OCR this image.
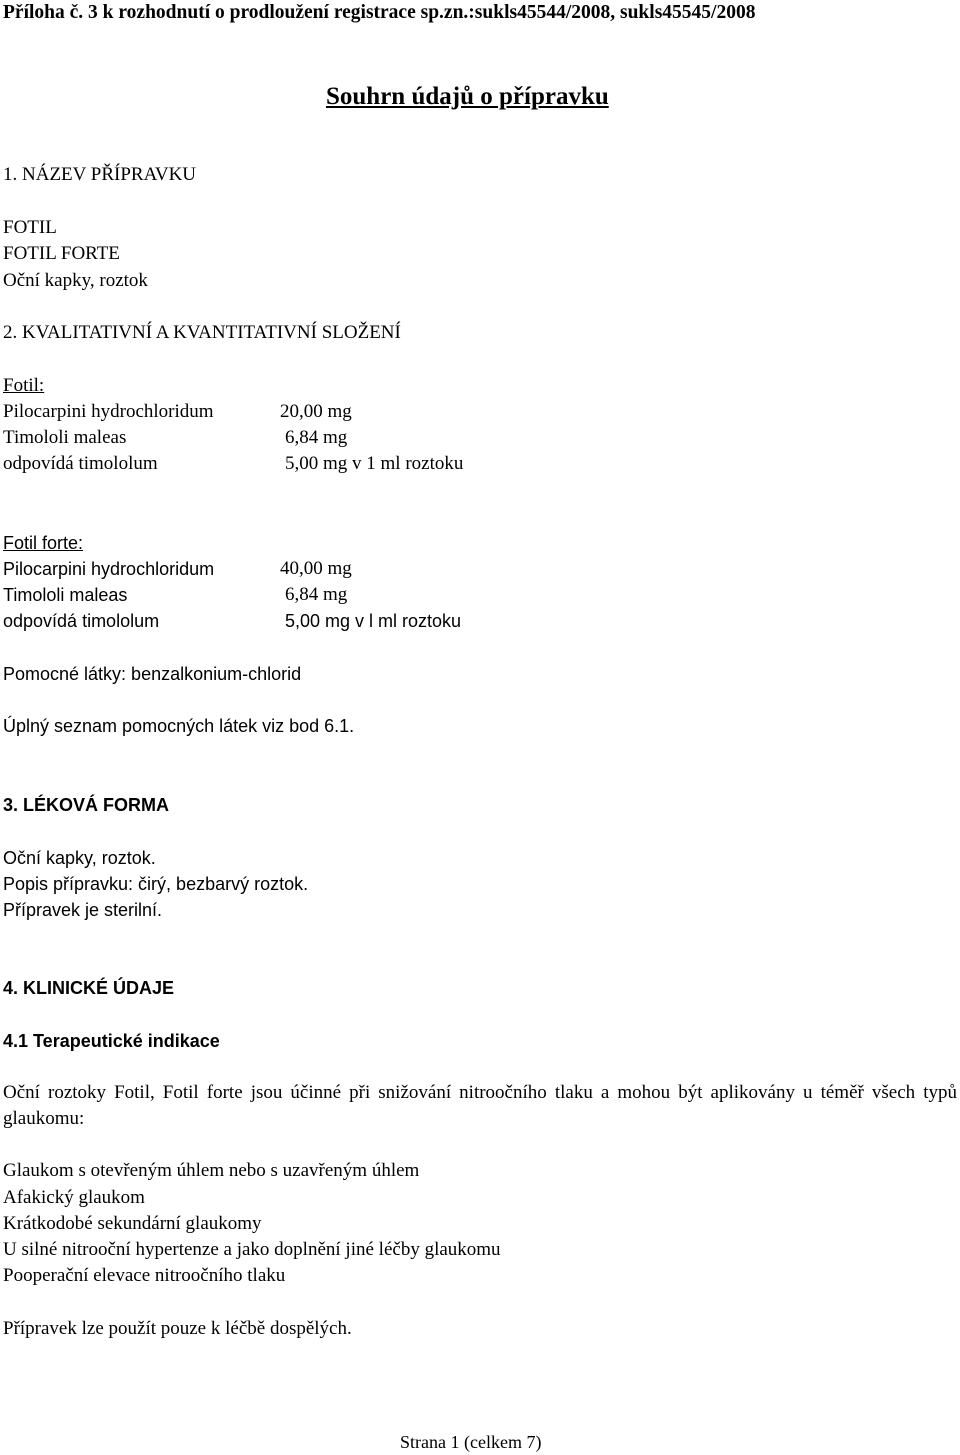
Příloha č. 3 k rozhodnutí o prodloužení registrace sp.zn.:sukls45544/2008, sukls45545/2008
Souhrn údajů o přípravku
1. NÁZEV PŘÍPRAVKU
FOTIL
FOTIL FORTE
Oční kapky, roztok
2. KVALITATIVNÍ A KVANTITATIVNÍ SLOŽENÍ
Fotil:
Pilocarpini hydrochloridum	20,00 mg
Timololi maleas	6,84 mg
odpovídá timololum	5,00 mg v 1 ml roztoku
Fotil forte:
Pilocarpini hydrochloridum	40,00 mg
Timololi maleas	6,84 mg
odpovídá timololum	5,00 mg v l ml roztoku
Pomocné látky: benzalkonium-chlorid
Úplný seznam pomocných látek viz bod 6.1.
3. LÉKOVÁ FORMA
Oční kapky, roztok.
Popis přípravku: čirý, bezbarvý roztok.
Přípravek je sterilní.
4. KLINICKÉ ÚDAJE
4.1 Terapeutické indikace
Oční roztoky Fotil, Fotil forte jsou účinné při snižování nitroočního tlaku a mohou být aplikovány u téměř všech typů glaukomu:
Glaukom s otevřeným úhlem nebo s uzavřeným úhlem
Afakický glaukom
Krátkodobé sekundární glaukomy
U silné nitrooční hypertenze a jako doplnění jiné léčby glaukomu
Pooperační elevace nitroočního tlaku
Přípravek lze použít pouze k léčbě dospělých.
Strana 1 (celkem 7)
